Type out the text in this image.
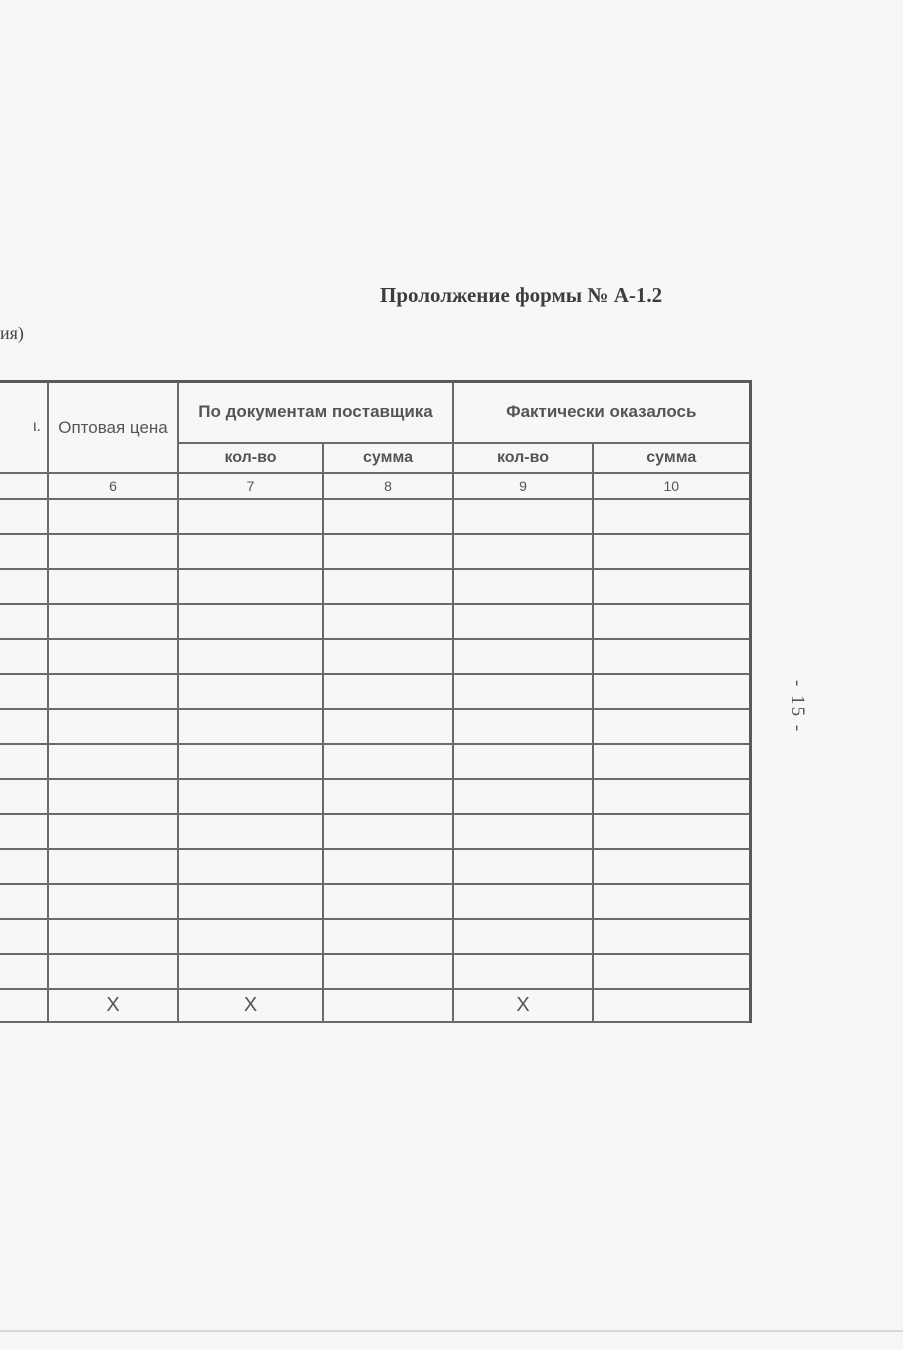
Прололжение формы № А-1.2
ия)
ι.	Оптовая цена	По документам поставщика		Фактически оказалось	
		кол-во	сумма	кол-во	сумма
	6	7	8	9	10

	X	X		X	
- 15 -
